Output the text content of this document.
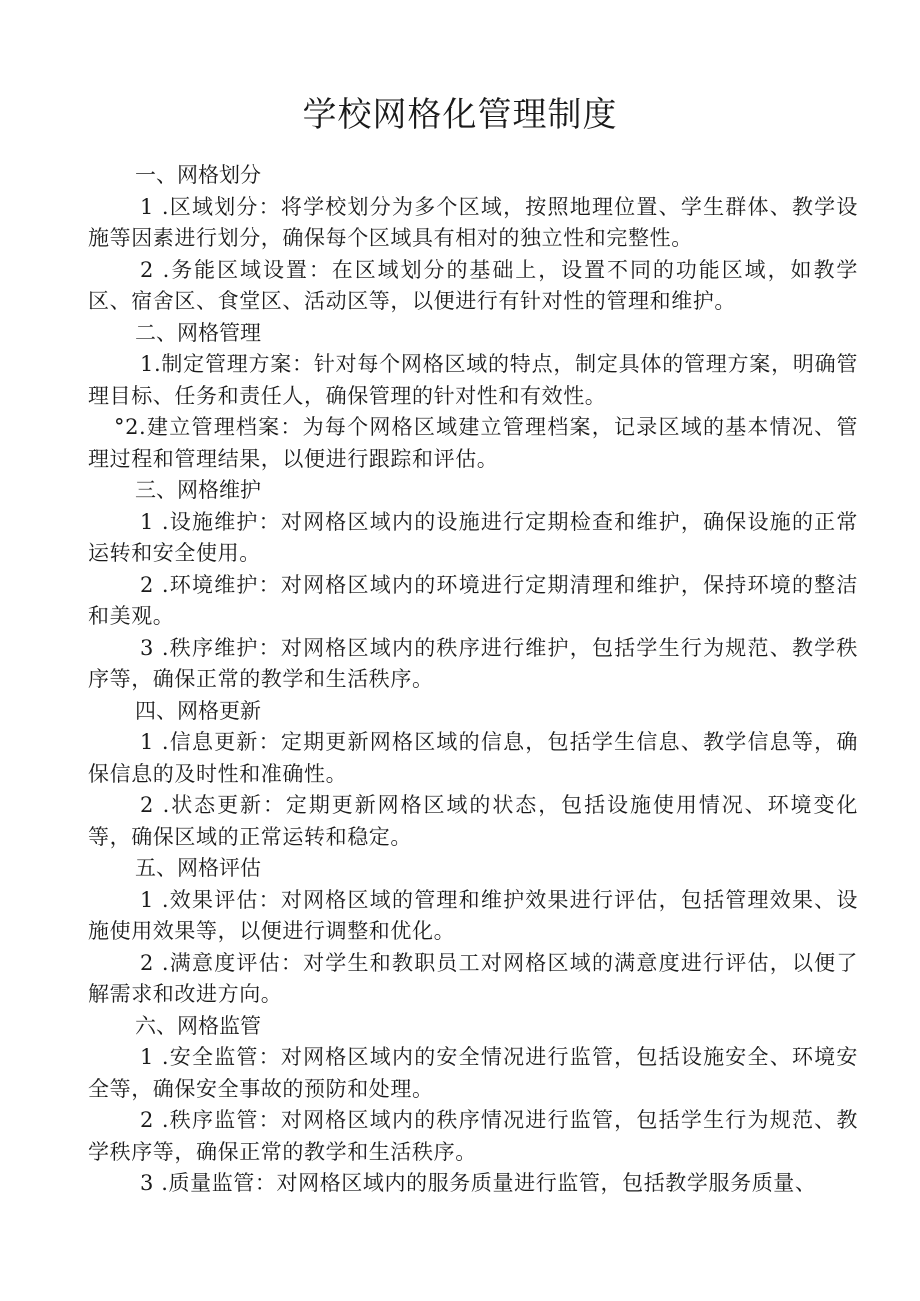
学校网格化管理制度

一、网格划分

1 .区域划分：将学校划分为多个区域，按照地理位置、学生群体、教学设施等因素进行划分，确保每个区域具有相对的独立性和完整性。

2 .务能区域设置：在区域划分的基础上，设置不同的功能区域，如教学区、宿舍区、食堂区、活动区等，以便进行有针对性的管理和维护。

二、网格管理

1.制定管理方案：针对每个网格区域的特点，制定具体的管理方案，明确管理目标、任务和责任人，确保管理的针对性和有效性。

°2.建立管理档案：为每个网格区域建立管理档案，记录区域的基本情况、管理过程和管理结果，以便进行跟踪和评估。

三、网格维护

1 .设施维护：对网格区域内的设施进行定期检查和维护，确保设施的正常运转和安全使用。

2 .环境维护：对网格区域内的环境进行定期清理和维护，保持环境的整洁和美观。

3 .秩序维护：对网格区域内的秩序进行维护，包括学生行为规范、教学秩序等，确保正常的教学和生活秩序。

四、网格更新

1 .信息更新：定期更新网格区域的信息，包括学生信息、教学信息等，确保信息的及时性和准确性。

2 .状态更新：定期更新网格区域的状态，包括设施使用情况、环境变化等，确保区域的正常运转和稳定。

五、网格评估

1 .效果评估：对网格区域的管理和维护效果进行评估，包括管理效果、设施使用效果等，以便进行调整和优化。

2 .满意度评估：对学生和教职员工对网格区域的满意度进行评估，以便了解需求和改进方向。

六、网格监管

1 .安全监管：对网格区域内的安全情况进行监管，包括设施安全、环境安全等，确保安全事故的预防和处理。

2 .秩序监管：对网格区域内的秩序情况进行监管，包括学生行为规范、教学秩序等，确保正常的教学和生活秩序。

3 .质量监管：对网格区域内的服务质量进行监管，包括教学服务质量、
